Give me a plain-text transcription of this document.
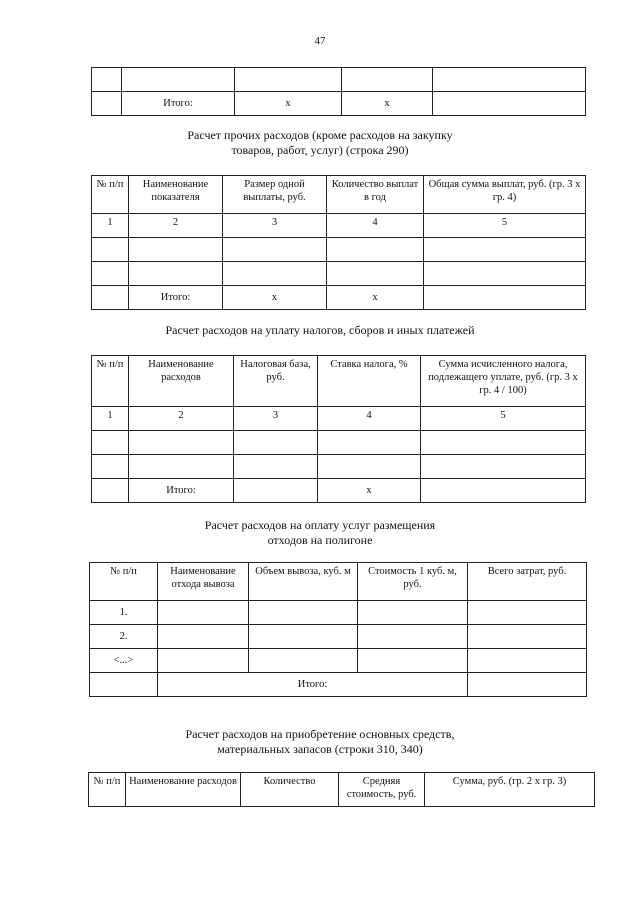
47

	Итого:	x	x	
Расчет прочих расходов (кроме расходов на закупку
товаров, работ, услуг) (строка 290)
№ п/п	Наименование показателя	Размер одной выплаты, руб.	Количество выплат в год	Общая сумма выплат, руб. (гр. 3 х гр. 4)
1	2	3	4	5

	Итого:	x	x	
Расчет расходов на уплату налогов, сборов и иных платежей
№ п/п	Наименование расходов	Налоговая база, руб.	Ставка налога, %	Сумма исчисленного налога, подлежащего уплате, руб. (гр. 3 х гр. 4 / 100)
1	2	3	4	5

	Итого:		x	
Расчет расходов на оплату услуг размещения
отходов на полигоне
№ п/п	Наименование отхода вывоза	Объем вывоза, куб. м	Стоимость 1 куб. м, руб.	Всего затрат, руб.
1.				
2.				
<...>				
	Итого:			
Расчет расходов на приобретение основных средств,
материальных запасов (строки 310, 340)
№ п/п	Наименование расходов	Количество	Средняя стоимость, руб.	Сумма, руб. (гр. 2 х гр. 3)
